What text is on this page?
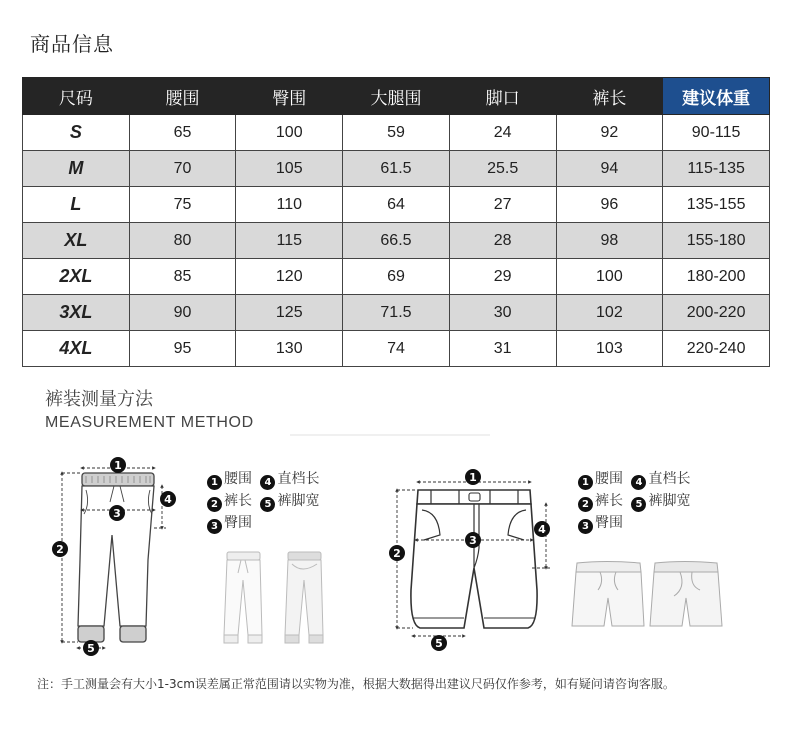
商品信息
尺码	腰围	臀围	大腿围	脚口	裤长	建议体重
S	65	100	59	24	92	90-115
M	70	105	61.5	25.5	94	115-135
L	75	110	64	27	96	135-155
XL	80	115	66.5	28	98	155-180
2XL	85	120	69	29	100	180-200
3XL	90	125	71.5	30	102	200-220
4XL	95	130	74	31	103	220-240
裤装测量方法
MEASUREMENT METHOD
1
2
3
4
5
1
2
3
4
5
1 腰围 4 直档长
2 裤长 5 裤脚宽
3 臀围
1 腰围 4 直档长
2 裤长 5 裤脚宽
3 臀围
注：手工测量会有大小1-3cm误差属正常范围请以实物为准，根据大数据得出建议尺码仅作参考，如有疑问请咨询客服。
